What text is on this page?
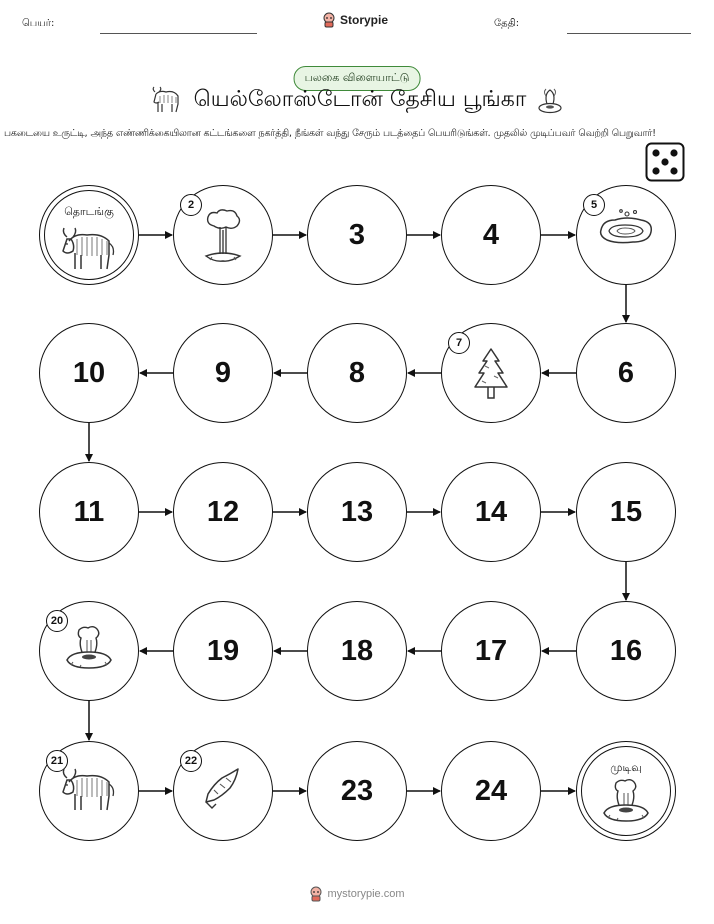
பெயர்:	Storypie	தேதி:
பலகை விளையாட்டு
யெல்லோஸ்டோன் தேசிய பூங்கா
பகடையை உருட்டி, அந்த எண்ணிக்கையிலான கட்டங்களை நகர்த்தி, நீங்கள் வந்து சேரும் படத்தைப் பெயரிடுங்கள். முதலில் முடிப்பவர் வெற்றி பெறுவார்!
தொடங்கு	2
3	4
5
6
7
8
9
10
11	12	13	14	15
16
17
18
19
20
21	22
23	24
முடிவு
mystorypie.com
